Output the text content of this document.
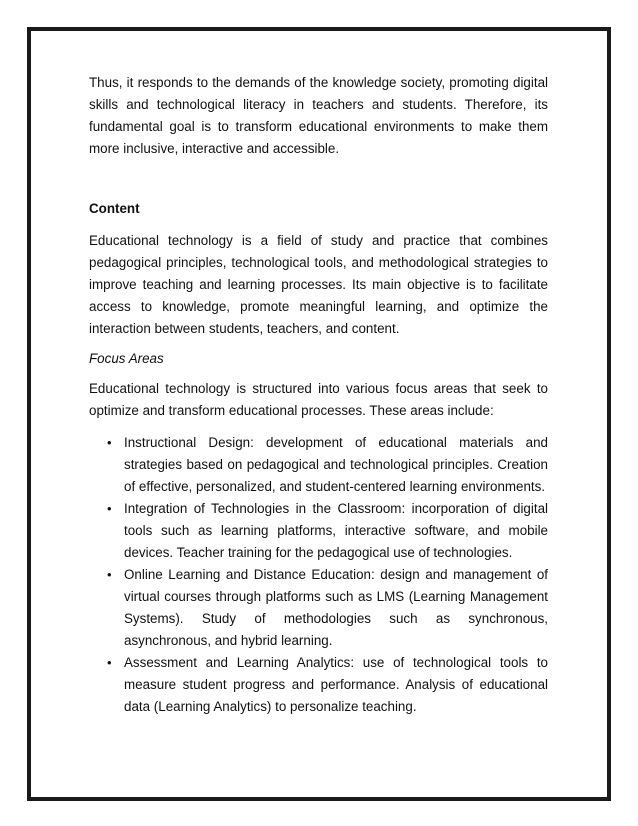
Thus, it responds to the demands of the knowledge society, promoting digital skills and technological literacy in teachers and students. Therefore, its fundamental goal is to transform educational environments to make them more inclusive, interactive and accessible.

Content

Educational technology is a field of study and practice that combines pedagogical principles, technological tools, and methodological strategies to improve teaching and learning processes. Its main objective is to facilitate access to knowledge, promote meaningful learning, and optimize the interaction between students, teachers, and content.

Focus Areas

Educational technology is structured into various focus areas that seek to optimize and transform educational processes. These areas include:

• Instructional Design: development of educational materials and strategies based on pedagogical and technological principles. Creation of effective, personalized, and student-centered learning environments.
• Integration of Technologies in the Classroom: incorporation of digital tools such as learning platforms, interactive software, and mobile devices. Teacher training for the pedagogical use of technologies.
• Online Learning and Distance Education: design and management of virtual courses through platforms such as LMS (Learning Management Systems). Study of methodologies such as synchronous, asynchronous, and hybrid learning.
• Assessment and Learning Analytics: use of technological tools to measure student progress and performance. Analysis of educational data (Learning Analytics) to personalize teaching.
